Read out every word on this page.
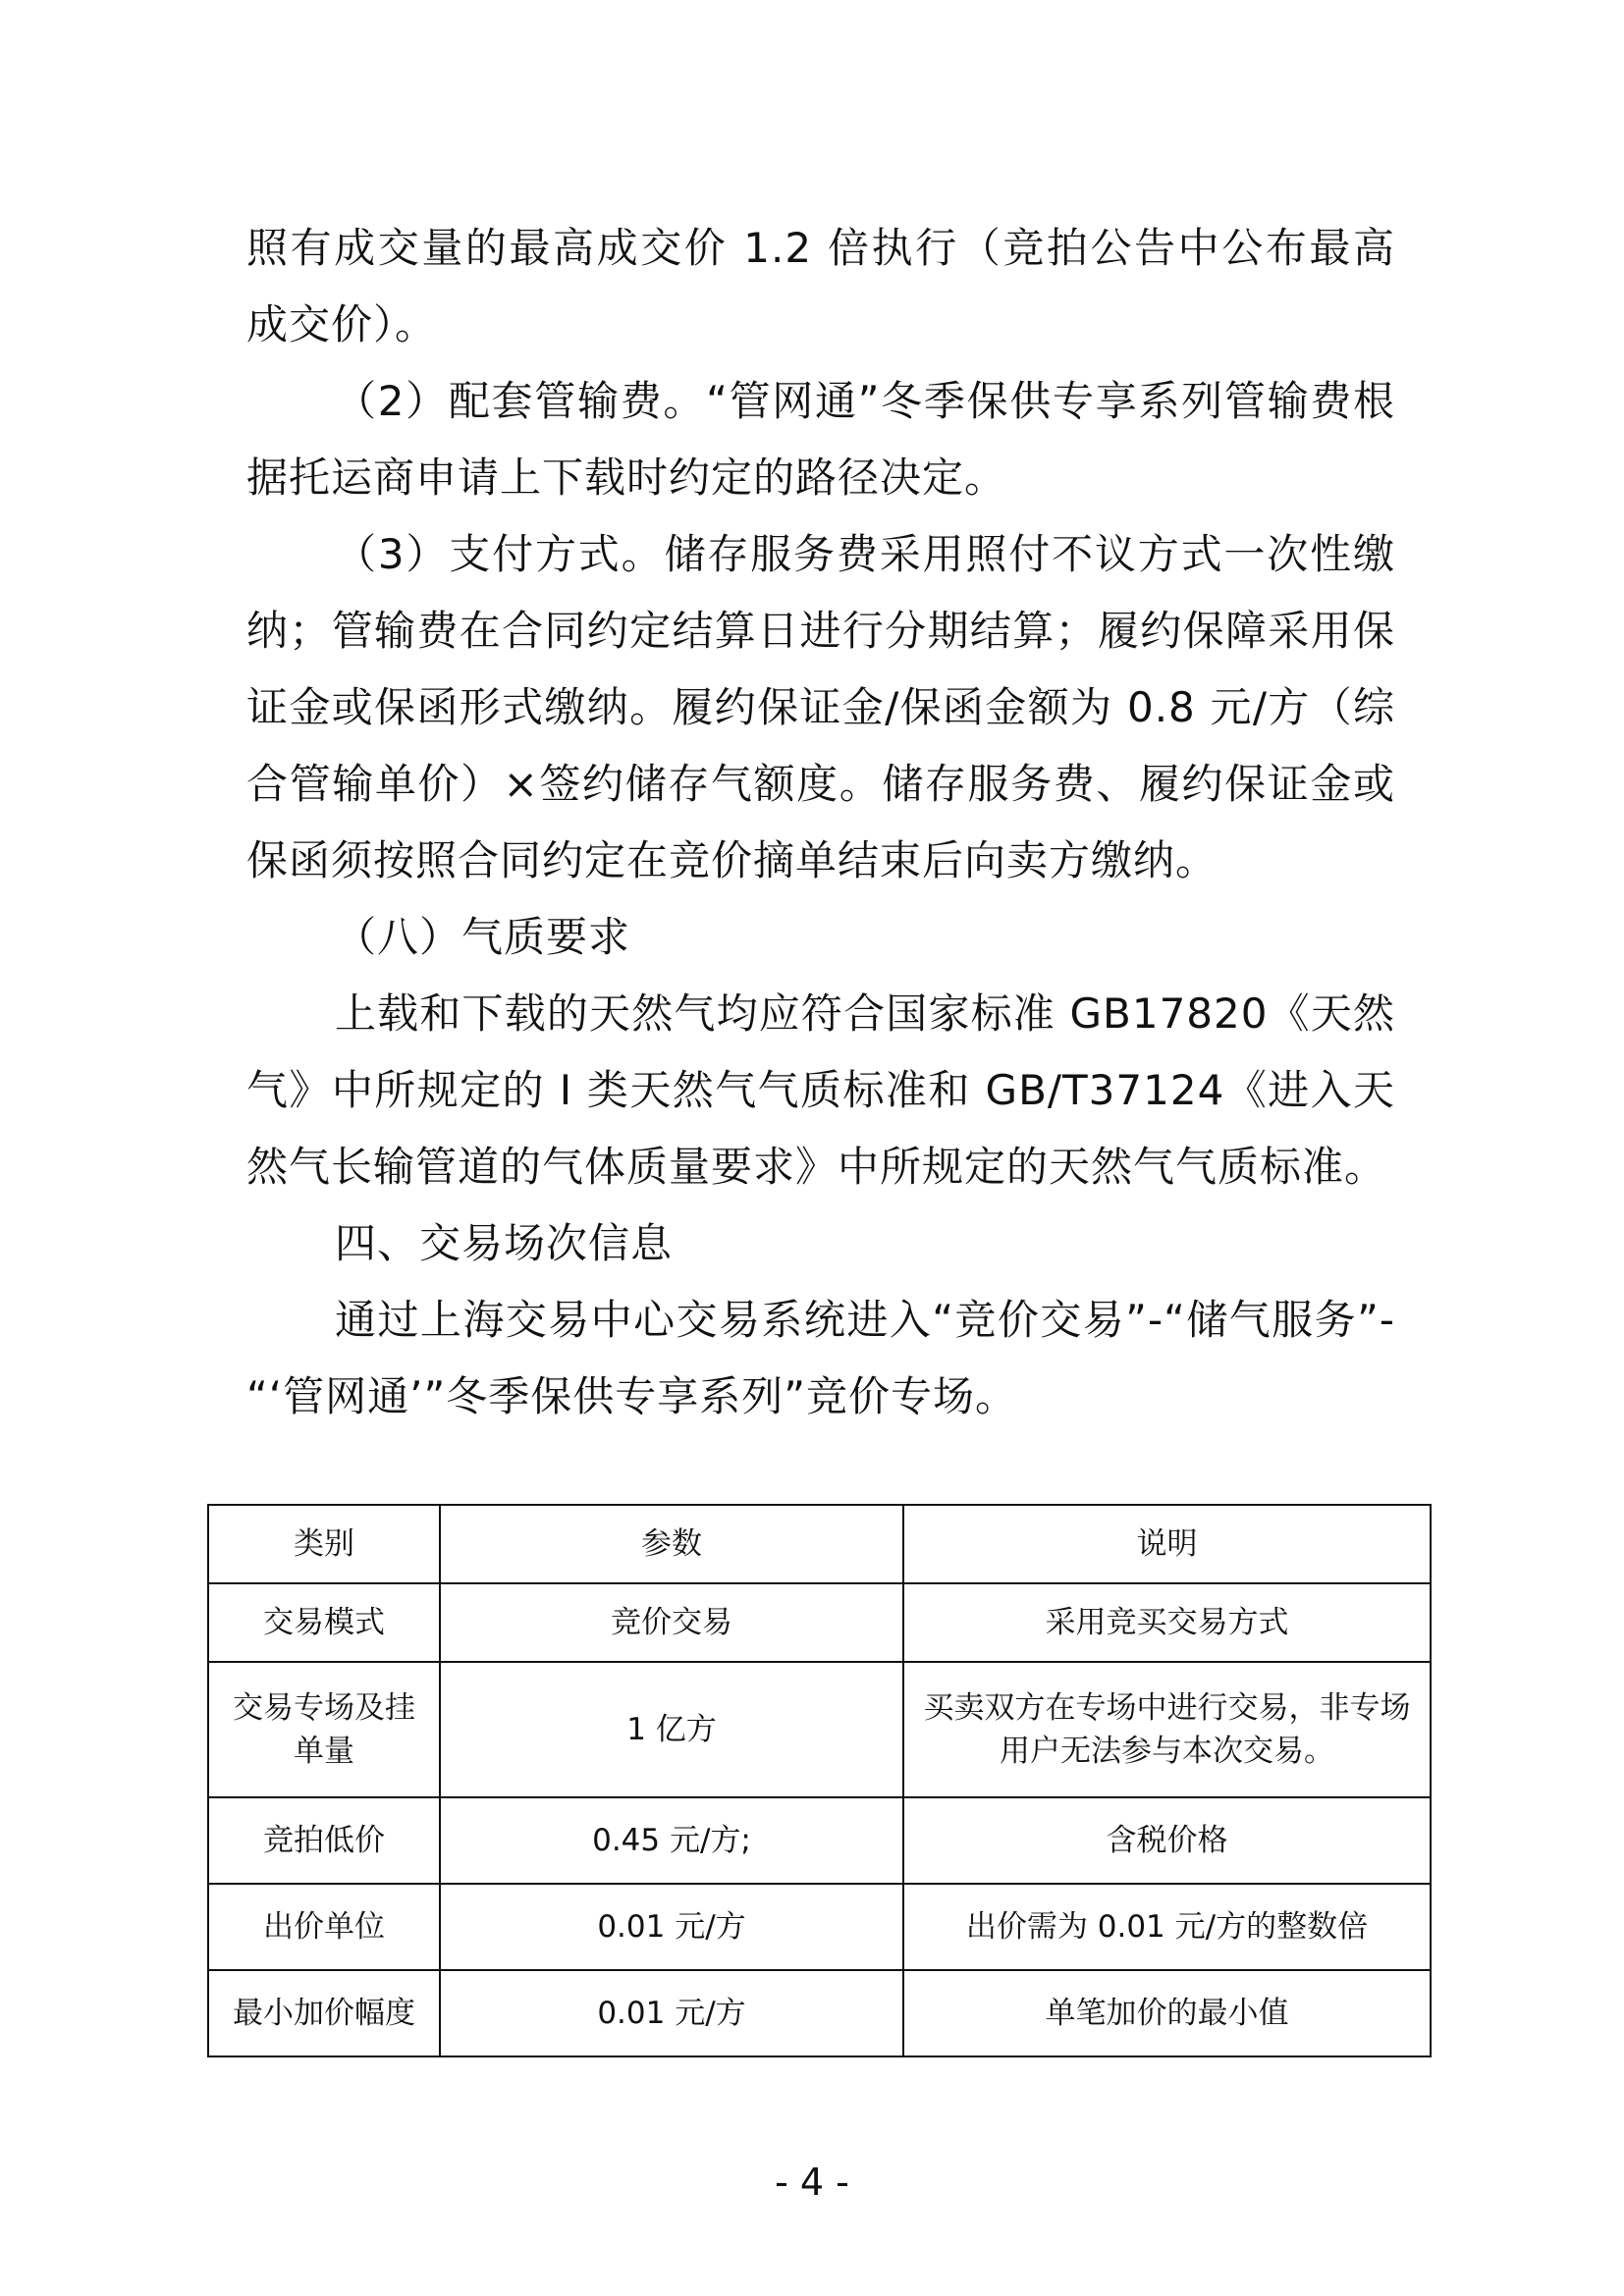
照有成交量的最高成交价 1.2 倍执行（竞拍公告中公布最高成交价）。

（2）配套管输费。“管网通”冬季保供专享系列管输费根据托运商申请上下载时约定的路径决定。

（3）支付方式。储存服务费采用照付不议方式一次性缴纳；管输费在合同约定结算日进行分期结算；履约保障采用保证金或保函形式缴纳。履约保证金/保函金额为 0.8 元/方（综合管输单价）×签约储存气额度。储存服务费、履约保证金或保函须按照合同约定在竞价摘单结束后向卖方缴纳。

（八）气质要求

上载和下载的天然气均应符合国家标准 GB17820《天然气》中所规定的 I 类天然气气质标准和 GB/T37124《进入天然气长输管道的气体质量要求》中所规定的天然气气质标准。

四、交易场次信息

通过上海交易中心交易系统进入“竞价交易”-“储气服务”- “‘管网通’”冬季保供专享系列”竞价专场。

类别	参数	说明
交易模式	竞价交易	采用竞买交易方式
交易专场及挂单量	1 亿方	买卖双方在专场中进行交易，非专场用户无法参与本次交易。
竞拍低价	0.45 元/方;	含税价格
出价单位	0.01 元/方	出价需为 0.01 元/方的整数倍
最小加价幅度	0.01 元/方	单笔加价的最小值
- 4 -
